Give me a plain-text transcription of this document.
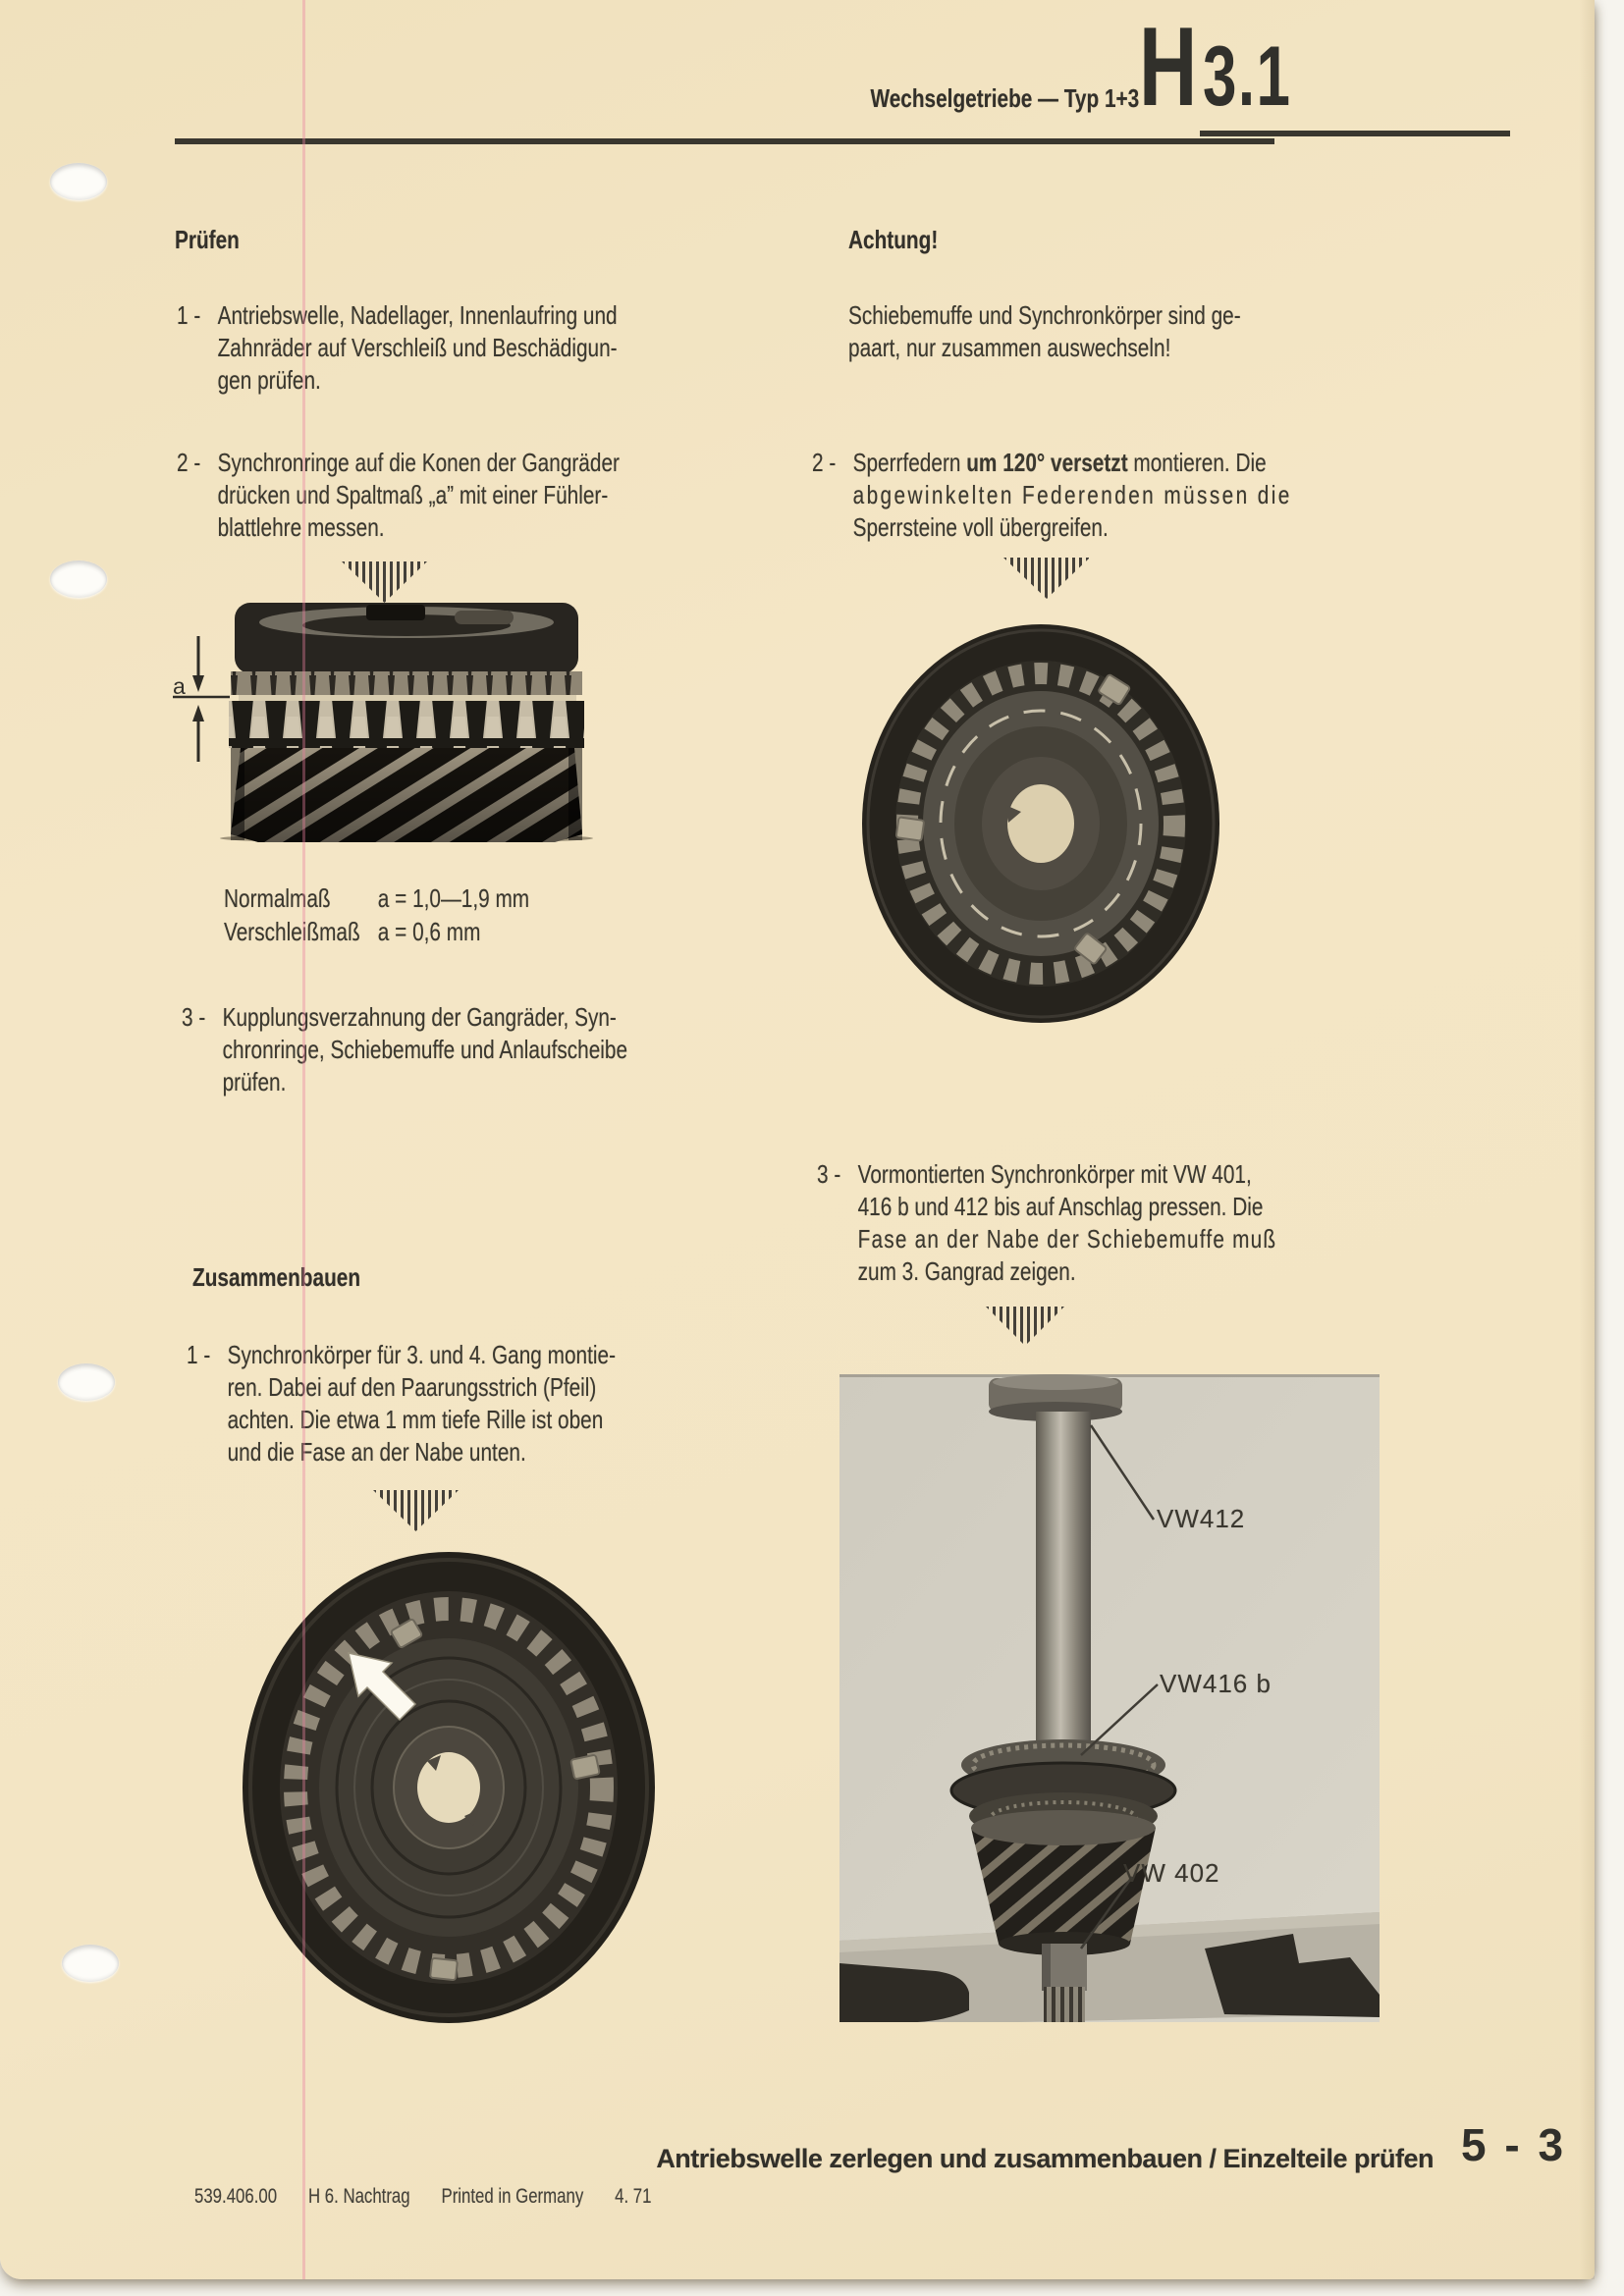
Wechselgetriebe — Typ 1+3 H 3.1
Prüfen
1 - Antriebswelle, Nadellager, Innenlaufring und
Zahnräder auf Verschleiß und Beschädigun-
gen prüfen.
2 - Synchronringe auf die Konen der Gangräder
drücken und Spaltmaß „a” mit einer Fühler-
blattlehre messen.
a
Normalmaß	a = 1,0—1,9 mm
Verschleißmaß a = 0,6 mm
3 - Kupplungsverzahnung der Gangräder, Syn-
chronringe, Schiebemuffe und Anlaufscheibe
prüfen.
Zusammenbauen
1 - Synchronkörper für 3. und 4. Gang montie-
ren. Dabei auf den Paarungsstrich (Pfeil)
achten. Die etwa 1 mm tiefe Rille ist oben
und die Fase an der Nabe unten.
Achtung!
Schiebemuffe und Synchronkörper sind ge-
paart, nur zusammen auswechseln!
2 - Sperrfedern um 120° versetzt montieren. Die
abgewinkelten Federenden müssen die
Sperrsteine voll übergreifen.
3 - Vormontierten Synchronkörper mit VW 401,
416 b und 412 bis auf Anschlag pressen. Die
Fase an der Nabe der Schiebemuffe muß
zum 3. Gangrad zeigen.
VW412
VW416 b
VW 402
Antriebswelle zerlegen und zusammenbauen / Einzelteile prüfen 5 - 3
539.406.00 H 6. Nachtrag Printed in Germany 4. 71
